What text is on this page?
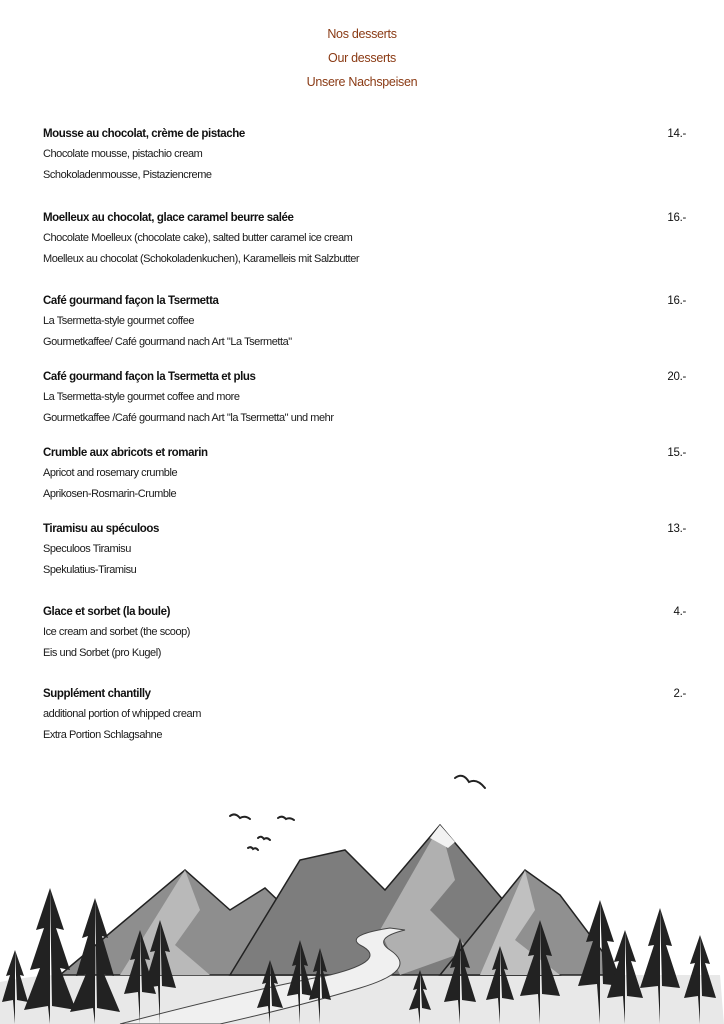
Nos desserts
Our desserts
Unsere Nachspeisen
Mousse au chocolat, crème de pistache	14.-
Chocolate mousse, pistachio cream
Schokoladenmousse, Pistaziencreme
Moelleux au chocolat, glace caramel beurre salée	16.-
Chocolate Moelleux (chocolate cake), salted butter caramel ice cream
Moelleux au chocolat (Schokoladenkuchen), Karamelleis mit Salzbutter
Café gourmand façon la Tsermetta	16.-
La Tsermetta-style gourmet coffee
Gourmetkaffee/ Café gourmand nach Art "La Tsermetta"
Café gourmand façon la Tsermetta et plus	20.-
La Tsermetta-style gourmet coffee and more
Gourmetkaffee /Café gourmand nach Art "la Tsermetta" und mehr
Crumble aux abricots et romarin	15.-
Apricot and rosemary crumble
Aprikosen-Rosmarin-Crumble
Tiramisu au spéculoos	13.-
Speculoos Tiramisu
Spekulatius-Tiramisu
Glace et sorbet (la boule)	4.-
Ice cream and sorbet (the scoop)
Eis und Sorbet (pro Kugel)
Supplément chantilly	2.-
additional portion of whipped cream
Extra Portion Schlagsahne
